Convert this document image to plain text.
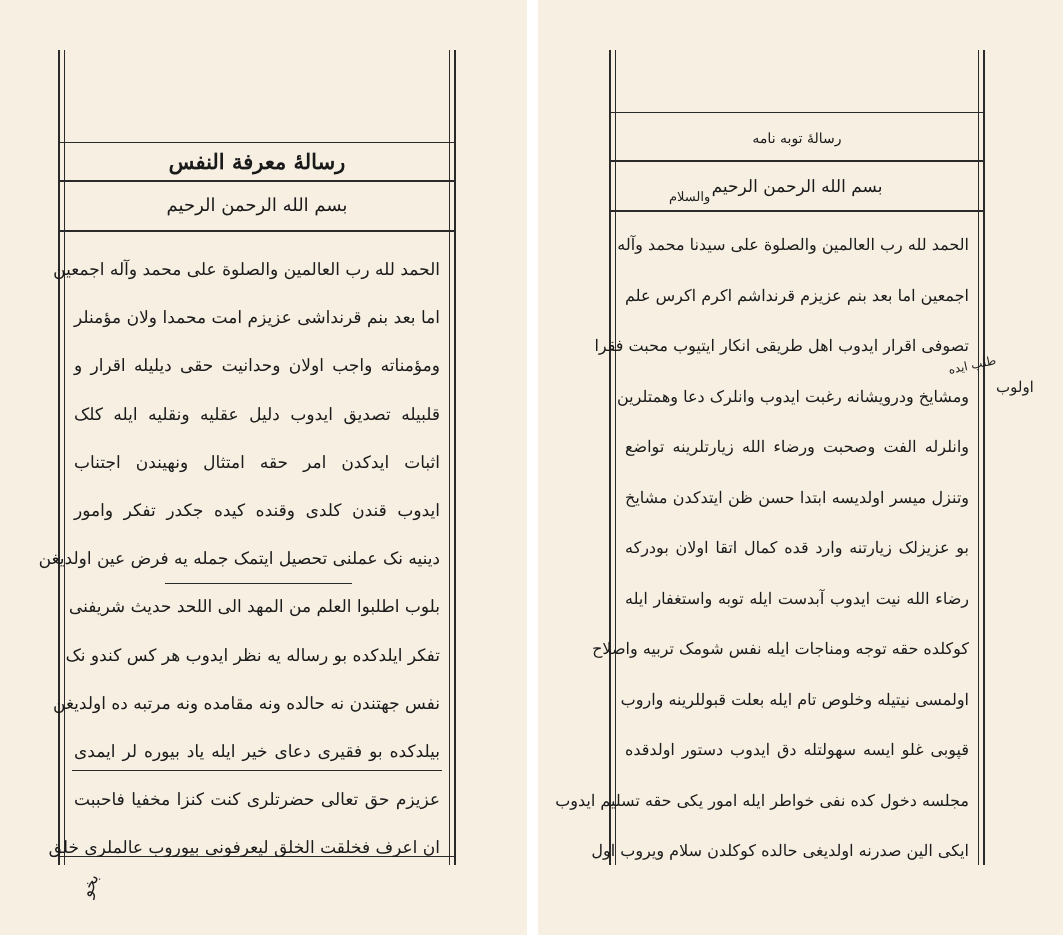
رسالهٔ معرفة النفس
بسم الله الرحمن الرحيم
الحمد لله رب العالمين والصلوة على محمد وآله اجمعين
اما بعد بنم قرنداشی عزیزم امت محمدا ولان مؤمنلر
ومؤمناته واجب اولان وحدانیت حقی دیلیله اقرار و
قلبیله تصدیق ایدوب دلیل عقلیه ونقلیه ایله کلک
اثبات ایدکدن امر حقه امتثال ونهیندن اجتناب
ایدوب قندن کلدی وقنده کیده جکدر تفکر وامور
دینیه نک عملنی تحصیل ایتمک جمله یه فرض عین اولدیغن
بلوب اطلبوا العلم من المهد الى اللحد حدیث شریفنی
تفکر ایلدکده بو رساله یه نظر ایدوب هر کس کندو نک
نفس جهتندن نه حالده ونه مقامده ونه مرتبه ده اولدیغن
بیلدکده بو فقیری دعای خیر ایله یاد بیوره لر ایمدی
عزیزم حق تعالی حضرتلری کنت کنزا مخفیا فاحببت
ان اعرف فخلقت الخلق لیعرفونی بیوروب عالملری خلق
بخو
رسالهٔ توبه نامه
بسم الله الرحمن الرحيم
والسلام
الحمد لله رب العالمين والصلوة على سيدنا محمد وآله
اجمعين اما بعد بنم عزیزم قرنداشم اکرم اکرس علم
تصوفی اقرار ایدوب اهل طریقی انکار ایتیوب محبت فقرا
ومشایخ ودرویشانه رغبت ایدوب وانلرک دعا وهمتلرین
وانلرله الفت وصحبت ورضاء الله زیارتلرینه تواضع
وتنزل میسر اولدیسه ابتدا حسن ظن ایتدکدن مشایخ
بو عزیزلک زیارتنه وارد قده کمال اتقا اولان بودرکه
رضاء الله نیت ایدوب آبدست ایله توبه واستغفار ایله
کوکلده حقه توجه ومناجات ایله نفس شومک تربیه واصلاح
اولمسی نیتیله وخلوص تام ایله بعلت قبوللرینه واروب
قپوبی غلو ایسه سهولتله دق ایدوب دستور اولدقده
مجلسه دخول کده نفی خواطر ایله امور یکی حقه تسلیم ایدوب
ایکی الین صدرنه اولدیغی حالده کوکلدن سلام ویروب اول
طلب ایده
اولوب
